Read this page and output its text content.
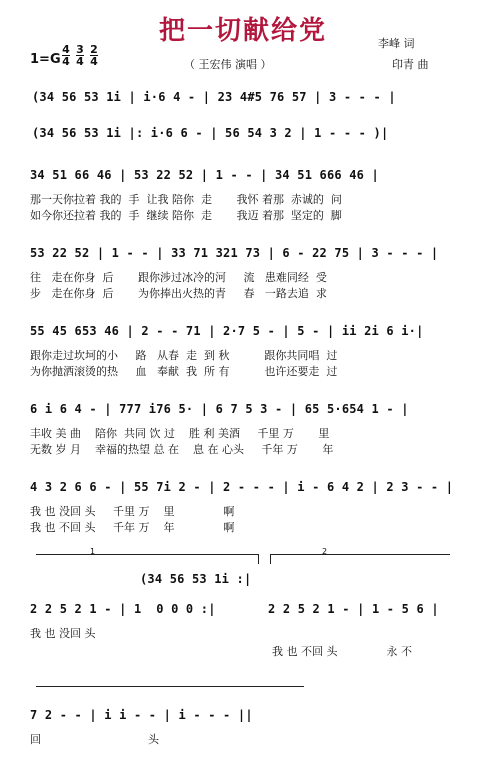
把一切献给党	李峰 词
印青 曲
1=G
4
4
3
4
2
4	（ 王宏伟 演唱 ）
(34 56 53 1i | i·6 4 - | 23 4#5 76 57 | 3 - - - |
(34 56 53 1i |: i·6 6 - | 56 54 3 2 | 1 - - - )|
34 51 66 46 | 53 22 52 | 1 - - | 34 51 666 46 |
那一天你拉着 我的  手  让我 陪你  走       我怀 着那  赤诚的  问
如今你还拉着 我的  手  继续 陪你  走       我迈 着那  坚定的  脚
53 22 52 | 1 - - | 33 71 321 73 | 6 - 22 75 | 3 - - - |
往   走在你身  后       跟你涉过冰冷的河     流   患难同经  受
步   走在你身  后       为你捧出火热的青     春   一路去追  求
55 45 653 46 | 2 - - 71 | 2·7 5 - | 5 - | ii 2i 6 i·|
跟你走过坎坷的小     路   从春  走  到 秋          跟你共同唱  过
为你抛洒滚烫的热     血   奉献  我  所 有          也许还要走  过
6 i 6 4 - | 777 i76 5· | 6 7 5 3 - | 65 5·654 1 - |
丰收 美 曲    陪你  共同 饮 过    胜 利 美酒     千里 万       里
无数 岁 月    幸福的热望 总 在    息 在 心头     千年 万       年
4 3 2 6 6 - | 55 7i 2 - | 2 - - - | i - 6 4 2 | 2 3 - - |
我 也 没回 头     千里 万    里              啊
我 也 不回 头     千年 万    年              啊
1	2
(34 56 53 1i :|
2 2 5 2 1 - | 1  0 0 0 :|	2 2 5 2 1 - | 1 - 5 6 |
我 也 没回 头
我 也 不回 头              永 不
7 2 - - | i i - - | i - - - ||
回	头
